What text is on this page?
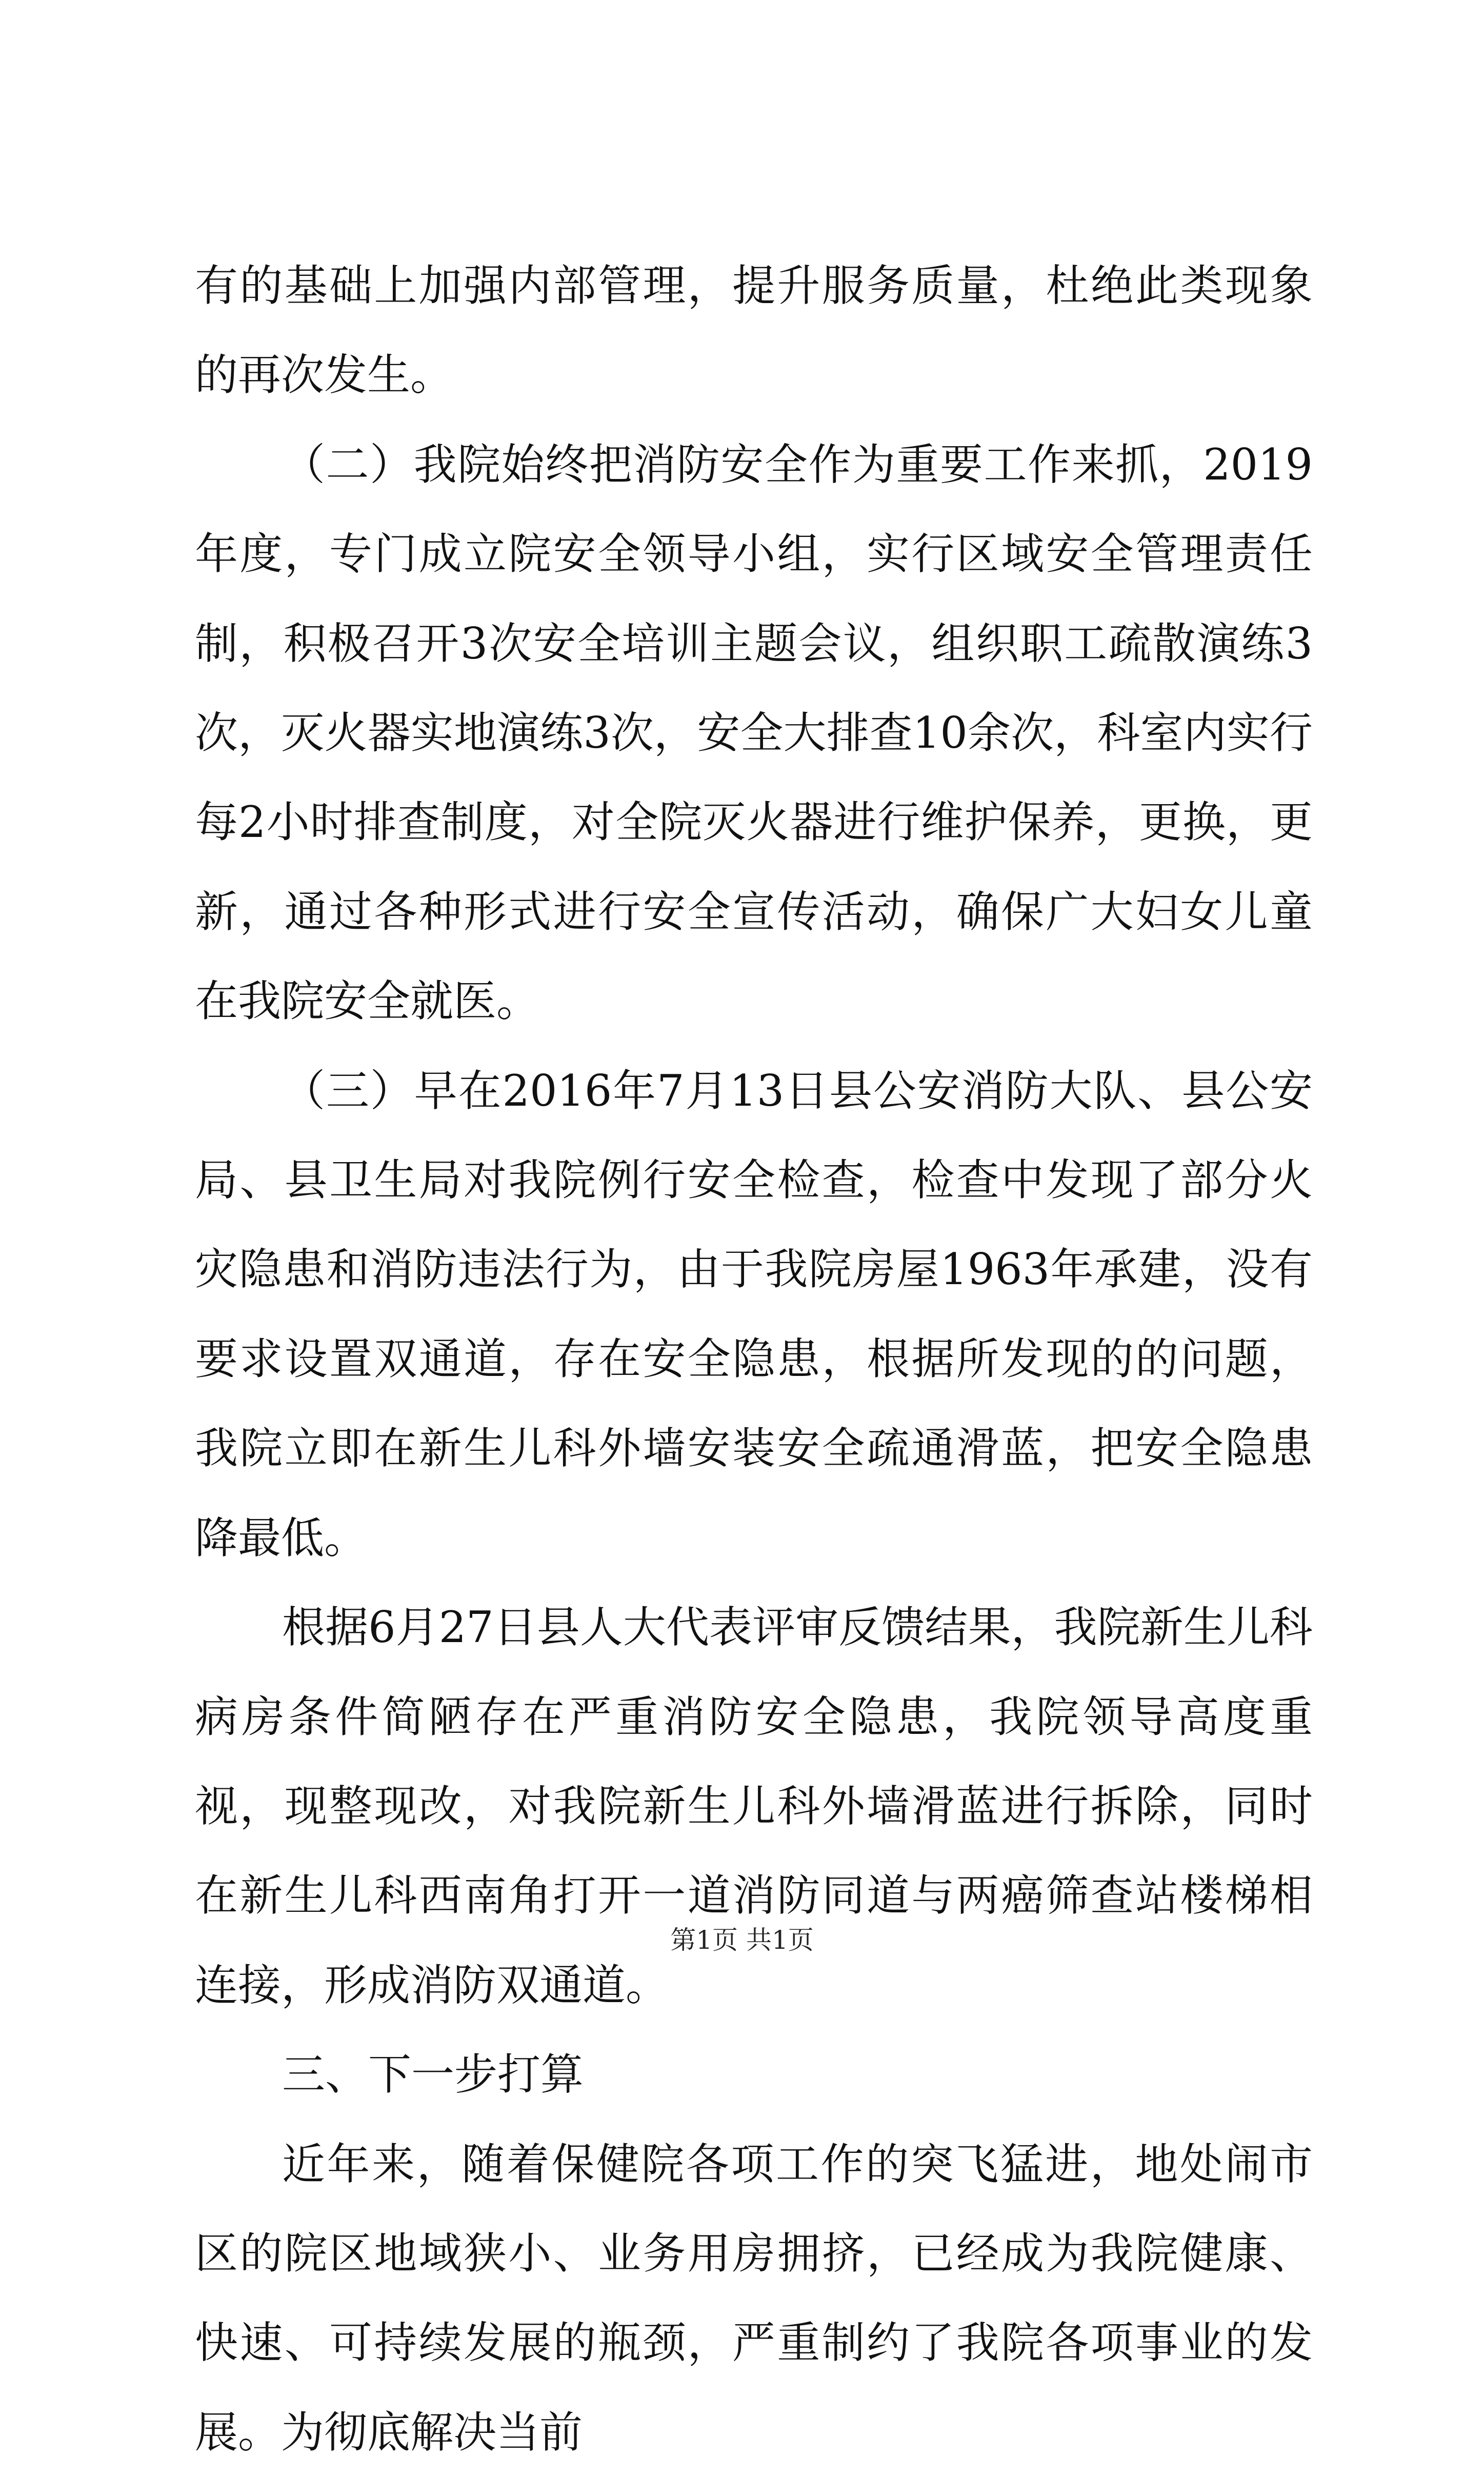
有的基础上加强内部管理，提升服务质量，杜绝此类现象的再次发生。

（二）我院始终把消防安全作为重要工作来抓，2019年度，专门成立院安全领导小组，实行区域安全管理责任制，积极召开3次安全培训主题会议，组织职工疏散演练3次，灭火器实地演练3次，安全大排查10余次，科室内实行每2小时排查制度，对全院灭火器进行维护保养，更换，更新，通过各种形式进行安全宣传活动，确保广大妇女儿童在我院安全就医。

（三）早在2016年7月13日县公安消防大队、县公安局、县卫生局对我院例行安全检查，检查中发现了部分火灾隐患和消防违法行为，由于我院房屋1963年承建，没有要求设置双通道，存在安全隐患，根据所发现的的问题，我院立即在新生儿科外墙安装安全疏通滑蓝，把安全隐患降最低。

根据6月27日县人大代表评审反馈结果，我院新生儿科病房条件简陋存在严重消防安全隐患，我院领导高度重视，现整现改，对我院新生儿科外墙滑蓝进行拆除，同时在新生儿科西南角打开一道消防同道与两癌筛查站楼梯相连接，形成消防双通道。

三、下一步打算

近年来，随着保健院各项工作的突飞猛进，地处闹市区的院区地域狭小、业务用房拥挤，已经成为我院健康、快速、可持续发展的瓶颈，严重制约了我院各项事业的发展。为彻底解决当前

第1页 共1页
